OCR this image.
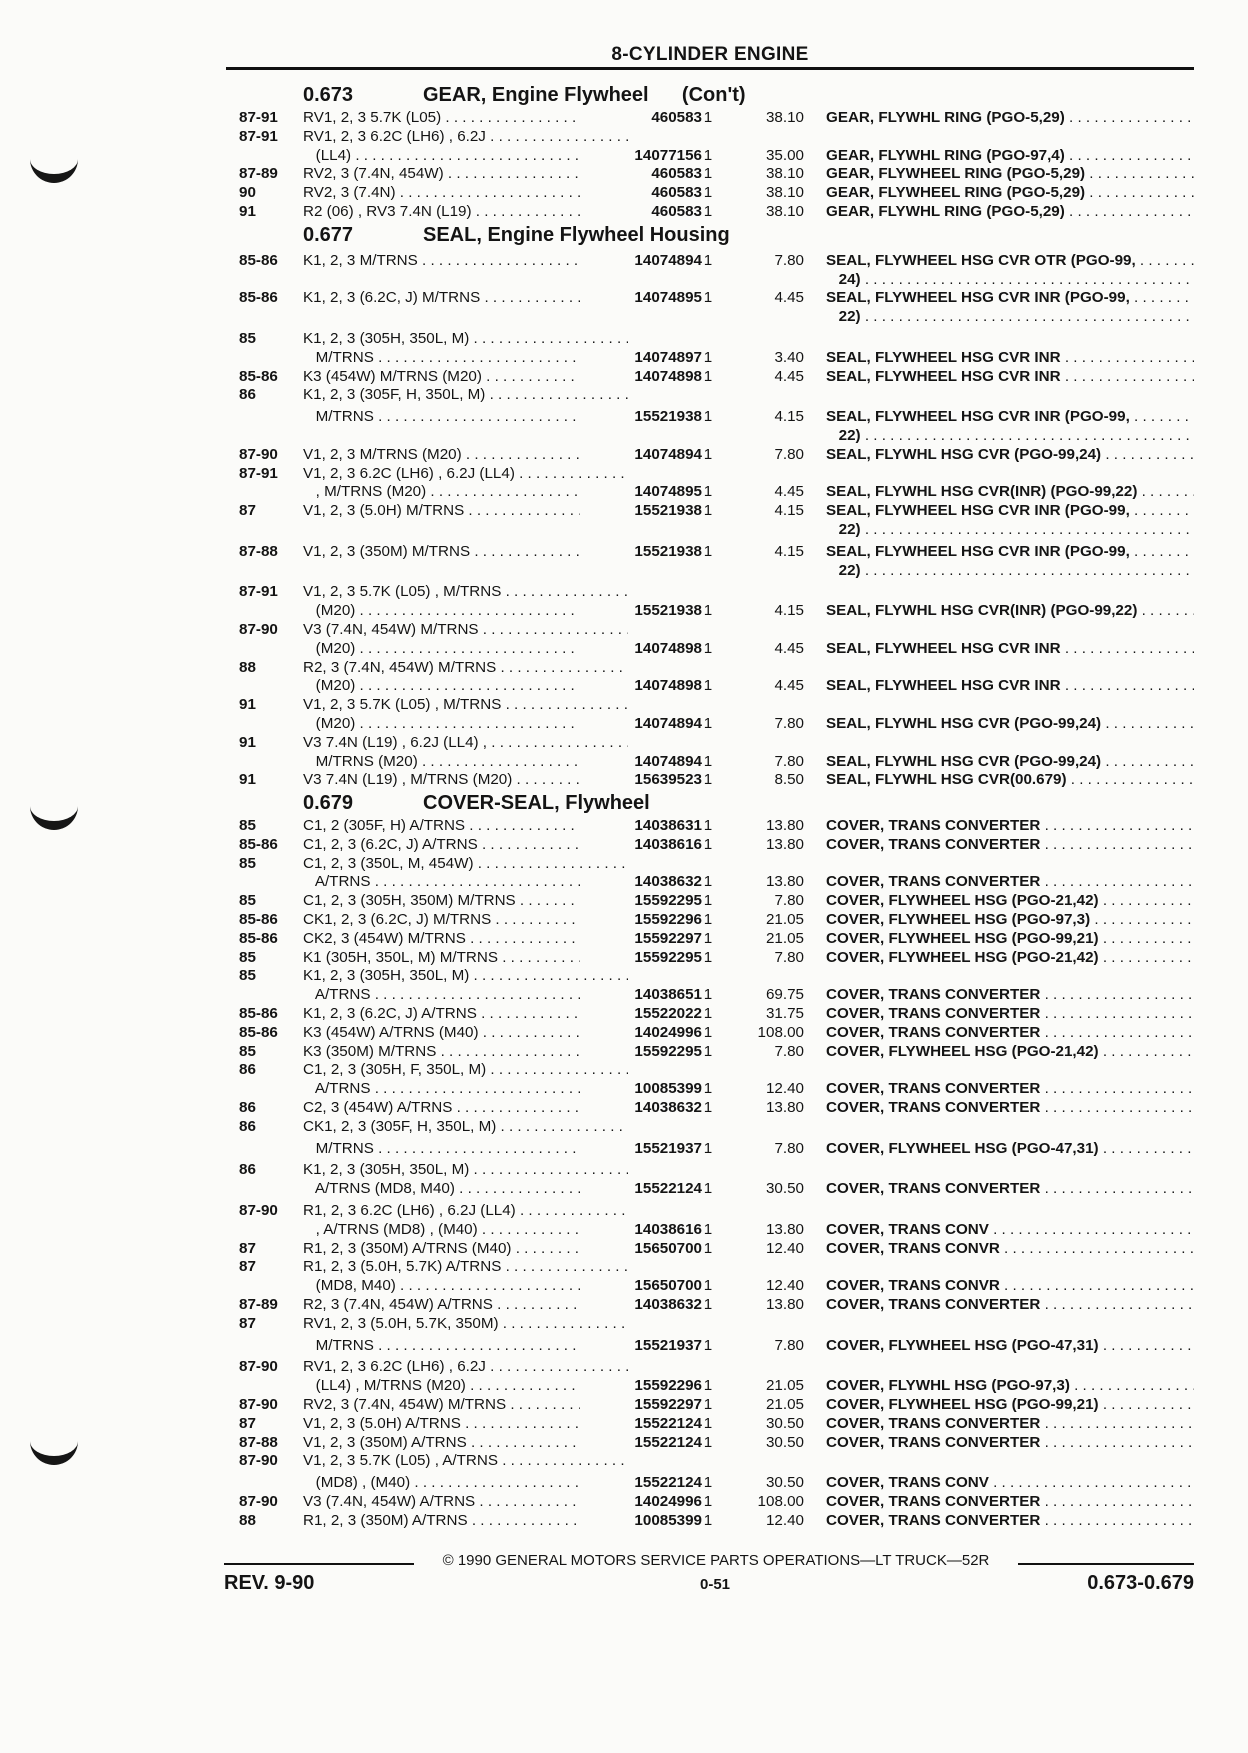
8-CYLINDER ENGINE
0.673	GEAR, Engine Flywheel      (Con't)
87-91 RV1, 2, 3 5.7K (L05) . . .	460583 1	38.10 GEAR, FLYWHL RING (PGO-5,29) . . .
87-91 RV1, 2, 3 6.2C (LH6) , 6.2J . . .
(LL4) . . .	14077156 1	35.00 GEAR, FLYWHL RING (PGO-97,4) . . .
87-89 RV2, 3 (7.4N, 454W) . . .	460583 1	38.10 GEAR, FLYWHEEL RING (PGO-5,29) . . .
90	RV2, 3 (7.4N) . . .	460583 1	38.10 GEAR, FLYWHEEL RING (PGO-5,29) . . .
91	R2 (06) , RV3 7.4N (L19) . . .	460583 1	38.10 GEAR, FLYWHL RING (PGO-5,29) . . .
0.677	SEAL, Engine Flywheel Housing
85-86 K1, 2, 3 M/TRNS . . .	14074894 1	7.80 SEAL, FLYWHEEL HSG CVR OTR (PGO-99, . . .
24) . . .
85-86 K1, 2, 3 (6.2C, J) M/TRNS . . .	14074895 1	4.45 SEAL, FLYWHEEL HSG CVR INR (PGO-99, . . .
22) . . .
85	K1, 2, 3 (305H, 350L, M) . . .
M/TRNS . . .	14074897 1	3.40 SEAL, FLYWHEEL HSG CVR INR . . .
85-86 K3 (454W) M/TRNS (M20) . . .	14074898 1	4.45 SEAL, FLYWHEEL HSG CVR INR . . .
86	K1, 2, 3 (305F, H, 350L, M) . . .
M/TRNS . . .	15521938 1	4.15 SEAL, FLYWHEEL HSG CVR INR (PGO-99, . . .
22) . . .
87-90 V1, 2, 3 M/TRNS (M20) . . .	14074894 1	7.80 SEAL, FLYWHL HSG CVR (PGO-99,24) . . .
87-91 V1, 2, 3 6.2C (LH6) , 6.2J (LL4) . . .
, M/TRNS (M20) . . .	14074895 1	4.45 SEAL, FLYWHL HSG CVR(INR) (PGO-99,22) . . .
87	V1, 2, 3 (5.0H) M/TRNS . . .	15521938 1	4.15 SEAL, FLYWHEEL HSG CVR INR (PGO-99, . . .
22) . . .
87-88 V1, 2, 3 (350M) M/TRNS . . .	15521938 1	4.15 SEAL, FLYWHEEL HSG CVR INR (PGO-99, . . .
22) . . .
87-91 V1, 2, 3 5.7K (L05) , M/TRNS . . .
(M20) . . .	15521938 1	4.15 SEAL, FLYWHL HSG CVR(INR) (PGO-99,22) . . .
87-90 V3 (7.4N, 454W) M/TRNS . . .
(M20) . . .	14074898 1	4.45 SEAL, FLYWHEEL HSG CVR INR . . .
88	R2, 3 (7.4N, 454W) M/TRNS . . .
(M20) . . .	14074898 1	4.45 SEAL, FLYWHEEL HSG CVR INR . . .
91	V1, 2, 3 5.7K (L05) , M/TRNS . . .
(M20) . . .	14074894 1	7.80 SEAL, FLYWHL HSG CVR (PGO-99,24) . . .
91	V3 7.4N (L19) , 6.2J (LL4) , . . .
M/TRNS (M20) . . .	14074894 1	7.80 SEAL, FLYWHL HSG CVR (PGO-99,24) . . .
91	V3 7.4N (L19) , M/TRNS (M20) . . .	15639523 1	8.50 SEAL, FLYWHL HSG CVR(00.679) . . .
0.679	COVER-SEAL, Flywheel
85	C1, 2 (305F, H) A/TRNS . . .	14038631 1	13.80 COVER, TRANS CONVERTER . . .
85-86 C1, 2, 3 (6.2C, J) A/TRNS . . .	14038616 1	13.80 COVER, TRANS CONVERTER . . .
85	C1, 2, 3 (350L, M, 454W) . . .
A/TRNS . . .	14038632 1	13.80 COVER, TRANS CONVERTER . . .
85	C1, 2, 3 (305H, 350M) M/TRNS . . .	15592295 1	7.80 COVER, FLYWHEEL HSG (PGO-21,42) . . .
85-86 CK1, 2, 3 (6.2C, J) M/TRNS . . .	15592296 1	21.05 COVER, FLYWHEEL HSG (PGO-97,3) . . .
85-86 CK2, 3 (454W) M/TRNS . . .	15592297 1	21.05 COVER, FLYWHEEL HSG (PGO-99,21) . . .
85	K1 (305H, 350L, M) M/TRNS . . .	15592295 1	7.80 COVER, FLYWHEEL HSG (PGO-21,42) . . .
85	K1, 2, 3 (305H, 350L, M) . . .
A/TRNS . . .	14038651 1	69.75 COVER, TRANS CONVERTER . . .
85-86 K1, 2, 3 (6.2C, J) A/TRNS . . .	15522022 1	31.75 COVER, TRANS CONVERTER . . .
85-86 K3 (454W) A/TRNS (M40) . . .	14024996 1	108.00 COVER, TRANS CONVERTER . . .
85	K3 (350M) M/TRNS . . .	15592295 1	7.80 COVER, FLYWHEEL HSG (PGO-21,42) . . .
86	C1, 2, 3 (305H, F, 350L, M) . . .
A/TRNS . . .	10085399 1	12.40 COVER, TRANS CONVERTER . . .
86	C2, 3 (454W) A/TRNS . . .	14038632 1	13.80 COVER, TRANS CONVERTER . . .
86	CK1, 2, 3 (305F, H, 350L, M) . . .
M/TRNS . . .	15521937 1	7.80 COVER, FLYWHEEL HSG (PGO-47,31) . . .
86	K1, 2, 3 (305H, 350L, M) . . .
A/TRNS (MD8, M40) . . .	15522124 1	30.50 COVER, TRANS CONVERTER . . .
87-90 R1, 2, 3 6.2C (LH6) , 6.2J (LL4) . . .
, A/TRNS (MD8) , (M40) . . .	14038616 1	13.80 COVER, TRANS CONV . . .
87	R1, 2, 3 (350M) A/TRNS (M40) . . .	15650700 1	12.40 COVER, TRANS CONVR . . .
87	R1, 2, 3 (5.0H, 5.7K) A/TRNS . . .
(MD8, M40) . . .	15650700 1	12.40 COVER, TRANS CONVR . . .
87-89 R2, 3 (7.4N, 454W) A/TRNS . . .	14038632 1	13.80 COVER, TRANS CONVERTER . . .
87	RV1, 2, 3 (5.0H, 5.7K, 350M) . . .
M/TRNS . . .	15521937 1	7.80 COVER, FLYWHEEL HSG (PGO-47,31) . . .
87-90 RV1, 2, 3 6.2C (LH6) , 6.2J . . .
(LL4) , M/TRNS (M20) . . .	15592296 1	21.05 COVER, FLYWHL HSG (PGO-97,3) . . .
87-90 RV2, 3 (7.4N, 454W) M/TRNS . . .	15592297 1	21.05 COVER, FLYWHEEL HSG (PGO-99,21) . . .
87	V1, 2, 3 (5.0H) A/TRNS . . .	15522124 1	30.50 COVER, TRANS CONVERTER . . .
87-88 V1, 2, 3 (350M) A/TRNS . . .	15522124 1	30.50 COVER, TRANS CONVERTER . . .
87-90 V1, 2, 3 5.7K (L05) , A/TRNS . . .
(MD8) , (M40) . . .	15522124 1	30.50 COVER, TRANS CONV . . .
87-90 V3 (7.4N, 454W) A/TRNS . . .	14024996 1	108.00 COVER, TRANS CONVERTER . . .
88	R1, 2, 3 (350M) A/TRNS . . .	10085399 1	12.40 COVER, TRANS CONVERTER . . .
© 1990 GENERAL MOTORS SERVICE PARTS OPERATIONS—LT TRUCK—52R
REV. 9-90	0-51	0.673-0.679
